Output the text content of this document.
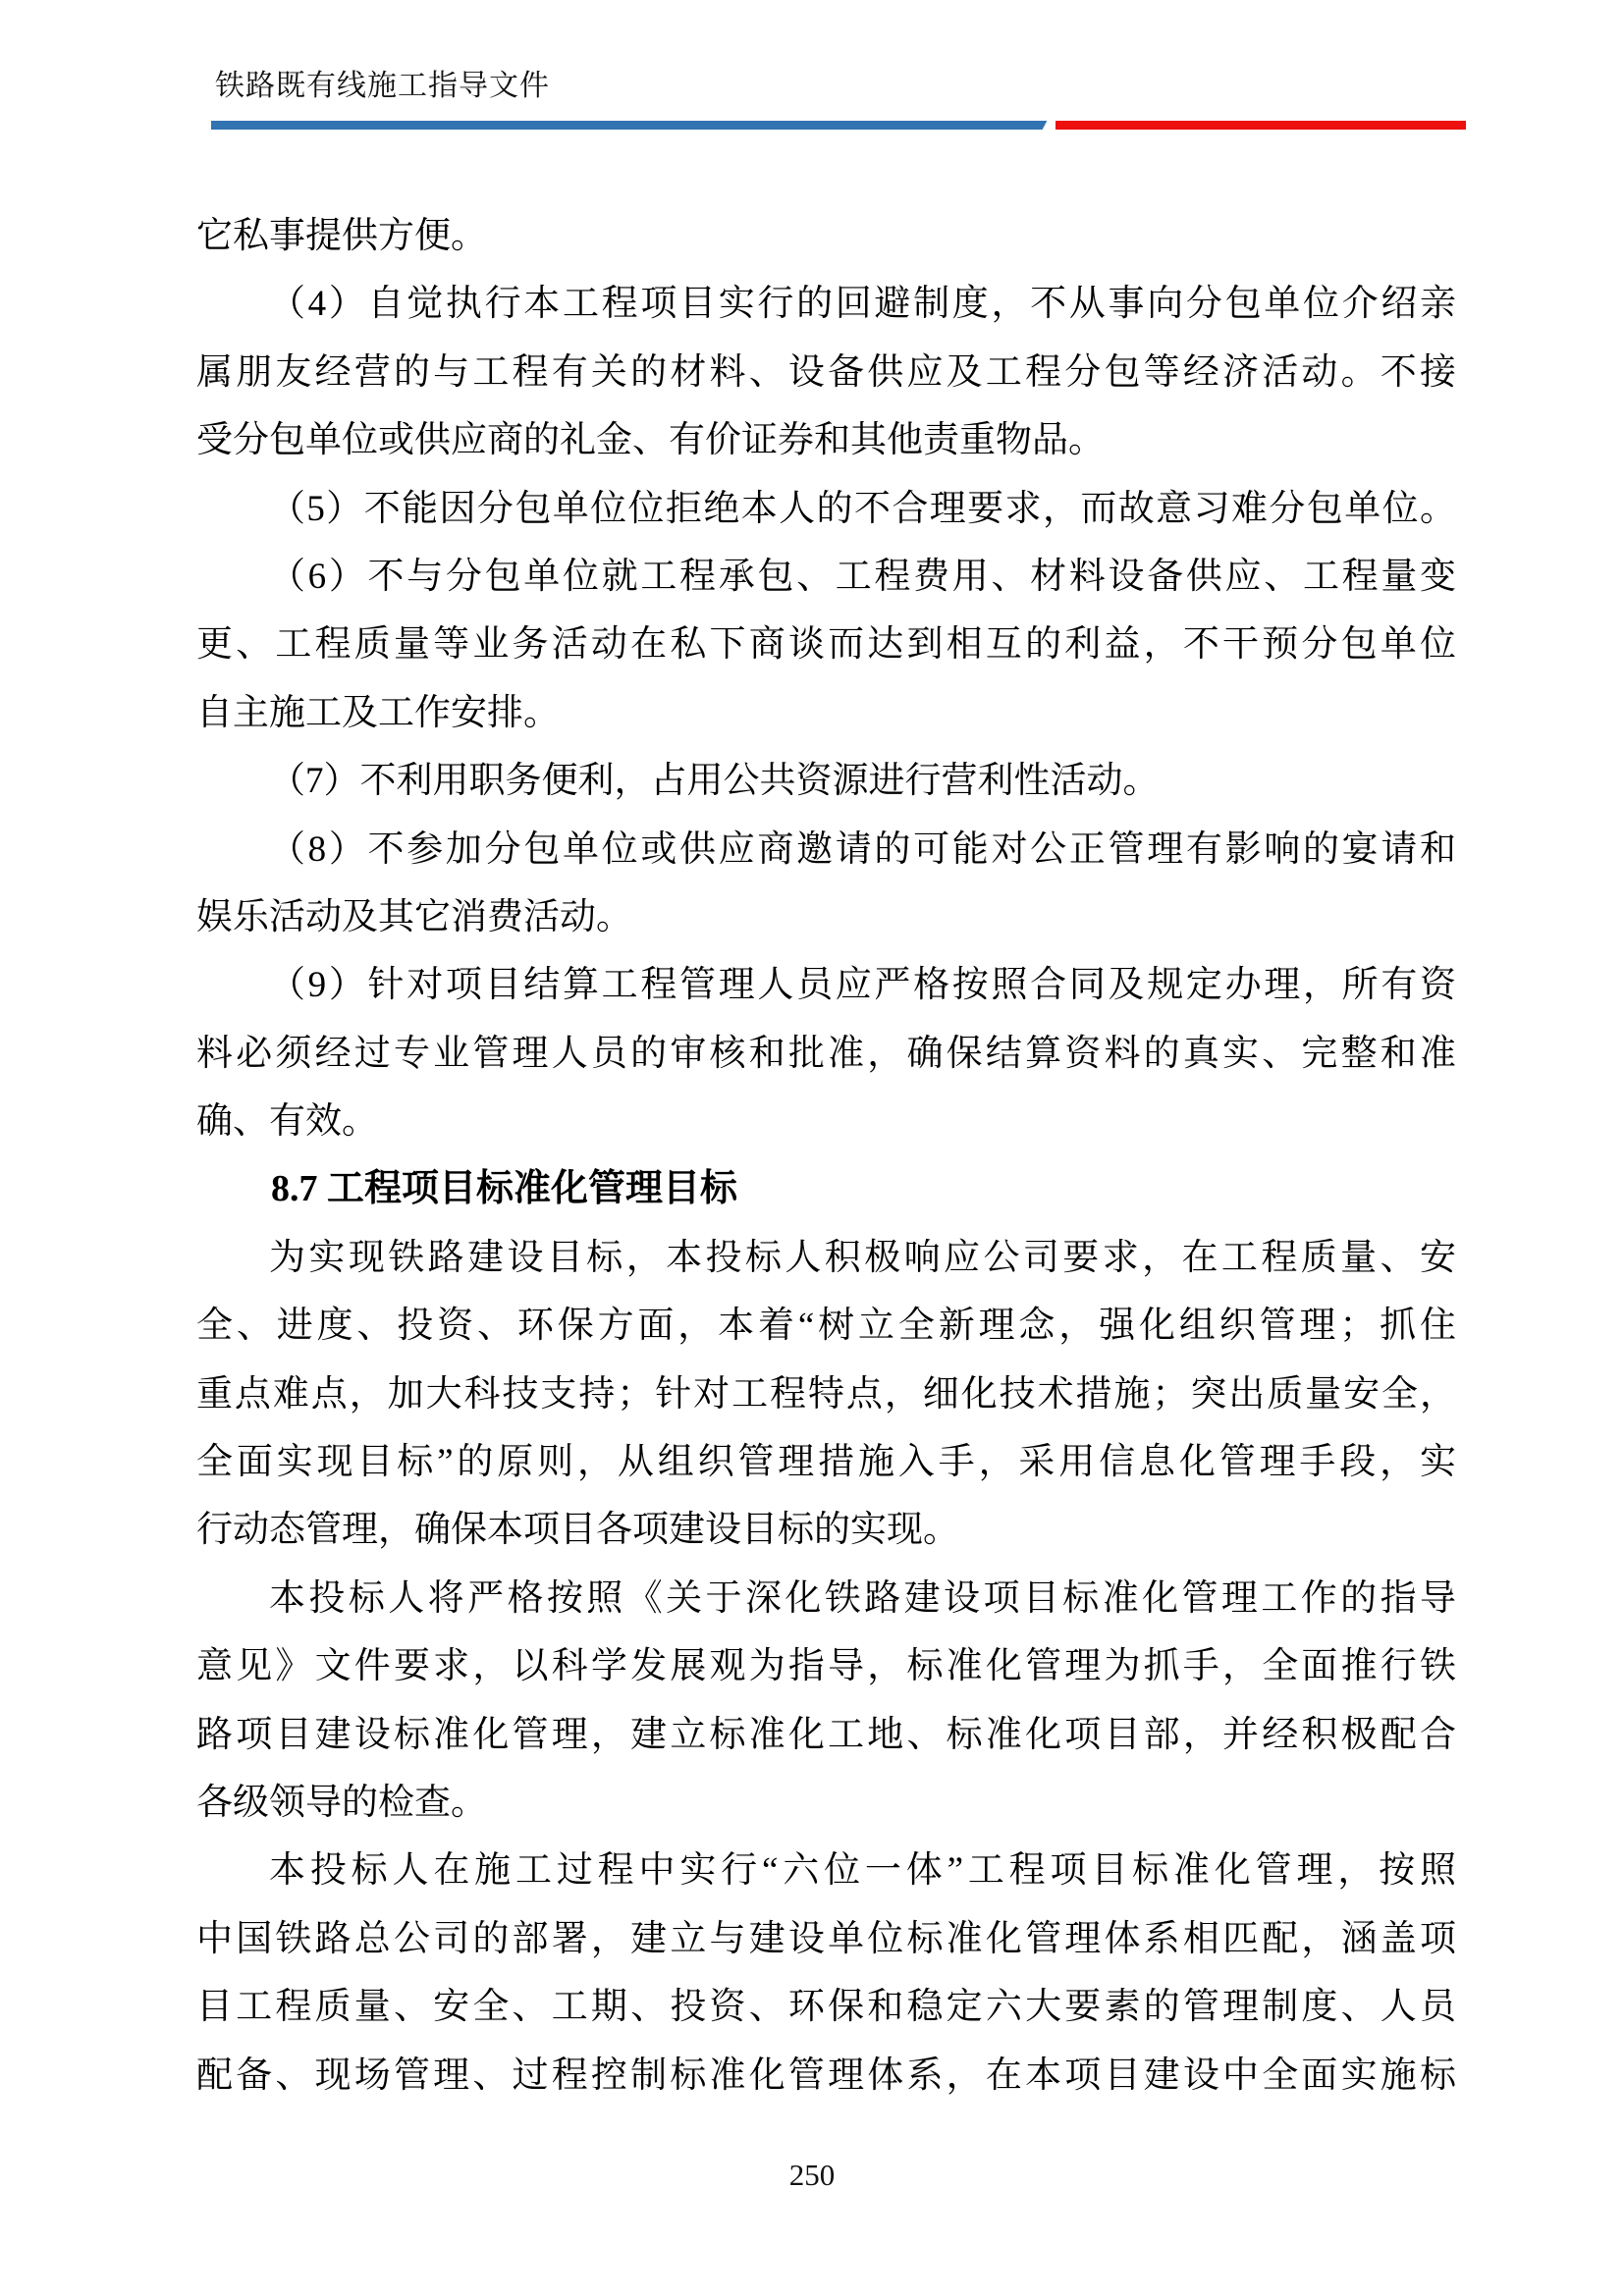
铁路既有线施工指导文件
它私事提供方便。
（4）自觉执行本工程项目实行的回避制度，不从事向分包单位介绍亲
属朋友经营的与工程有关的材料、设备供应及工程分包等经济活动。不接
受分包单位或供应商的礼金、有价证券和其他责重物品。
（5）不能因分包单位位拒绝本人的不合理要求，而故意习难分包单位。
（6）不与分包单位就工程承包、工程费用、材料设备供应、工程量变
更、工程质量等业务活动在私下商谈而达到相互的利益，不干预分包单位
自主施工及工作安排。
（7）不利用职务便利，占用公共资源进行营利性活动。
（8）不参加分包单位或供应商邀请的可能对公正管理有影响的宴请和
娱乐活动及其它消费活动。
（9）针对项目结算工程管理人员应严格按照合同及规定办理，所有资
料必须经过专业管理人员的审核和批准，确保结算资料的真实、完整和准
确、有效。
8.7 工程项目标准化管理目标
为实现铁路建设目标，本投标人积极响应公司要求，在工程质量、安
全、进度、投资、环保方面，本着“树立全新理念，强化组织管理；抓住
重点难点，加大科技支持；针对工程特点，细化技术措施；突出质量安全，
全面实现目标”的原则，从组织管理措施入手，采用信息化管理手段，实
行动态管理，确保本项目各项建设目标的实现。
本投标人将严格按照《关于深化铁路建设项目标准化管理工作的指导
意见》文件要求，以科学发展观为指导，标准化管理为抓手，全面推行铁
路项目建设标准化管理，建立标准化工地、标准化项目部，并经积极配合
各级领导的检查。
本投标人在施工过程中实行“六位一体”工程项目标准化管理，按照
中国铁路总公司的部署，建立与建设单位标准化管理体系相匹配，涵盖项
目工程质量、安全、工期、投资、环保和稳定六大要素的管理制度、人员
配备、现场管理、过程控制标准化管理体系，在本项目建设中全面实施标
250
